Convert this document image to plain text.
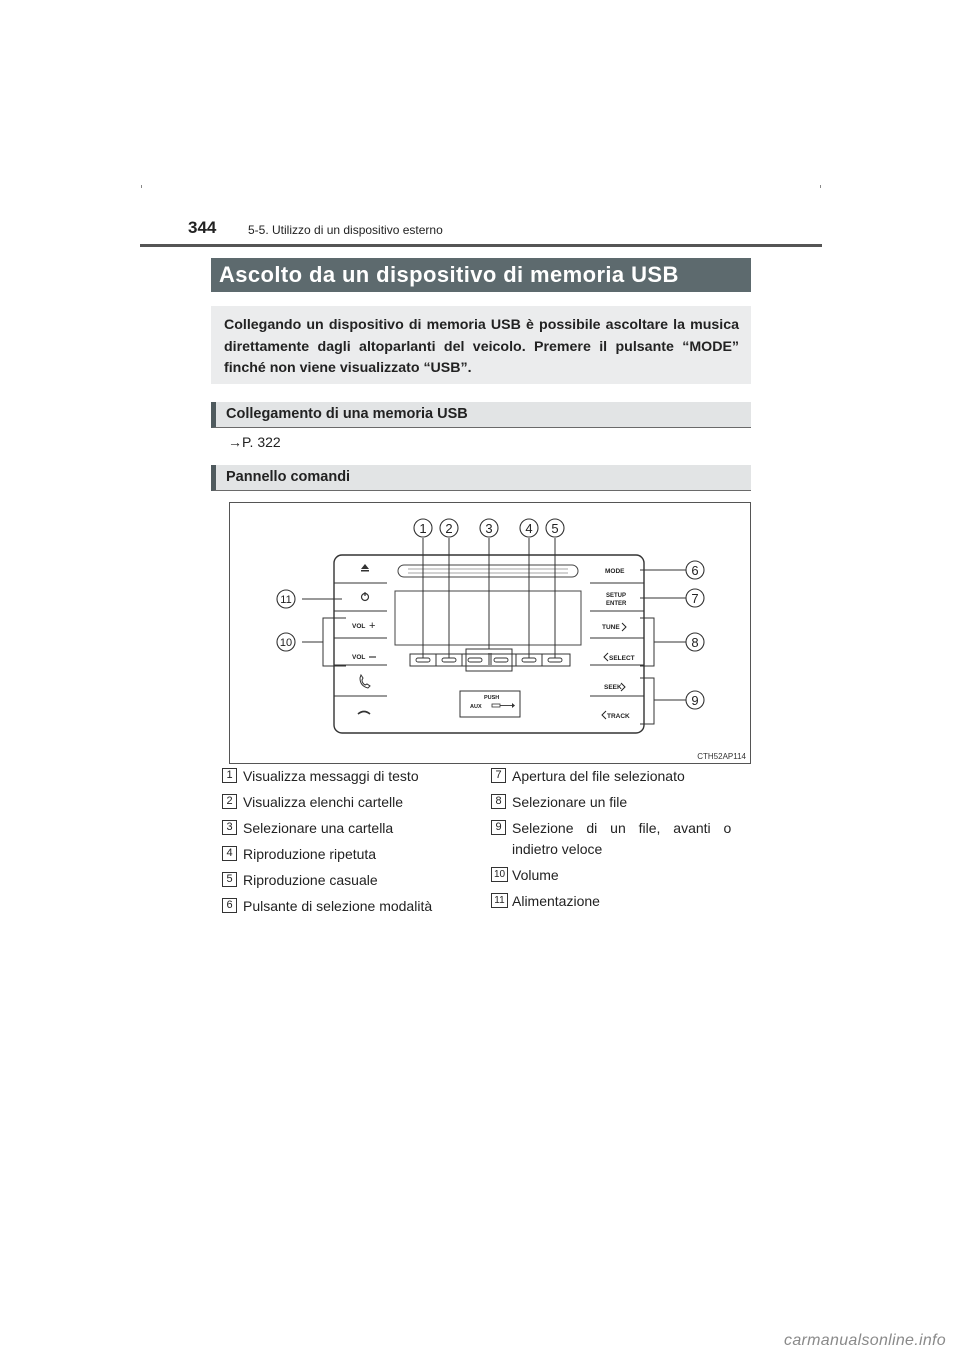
344	5-5. Utilizzo di un dispositivo esterno
Ascolto da un dispositivo di memoria USB

Collegando un dispositivo di memoria USB è possibile ascoltare la musica direttamente dagli altoparlanti del veicolo. Premere il pulsante “MODE” finché non viene visualizzato “USB”.

Collegamento di una memoria USB
→P. 322
Pannello comandi
VOL +
VOL
MODE
SETUP
ENTER
TUNE
SELECT
SEEK
TRACK
PUSH
AUX
1 2	3	4 5
6
7
8
9
10
11
CTH52AP114
1 Visualizza messaggi di testo
2 Visualizza elenchi cartelle
3 Selezionare una cartella
4 Riproduzione ripetuta
5 Riproduzione casuale
6 Pulsante di selezione modalità
7 Apertura del file selezionato
8 Selezionare un file
9 Selezione di un file, avanti o
indietro veloce
10 Volume
11 Alimentazione
carmanualsonline.info
